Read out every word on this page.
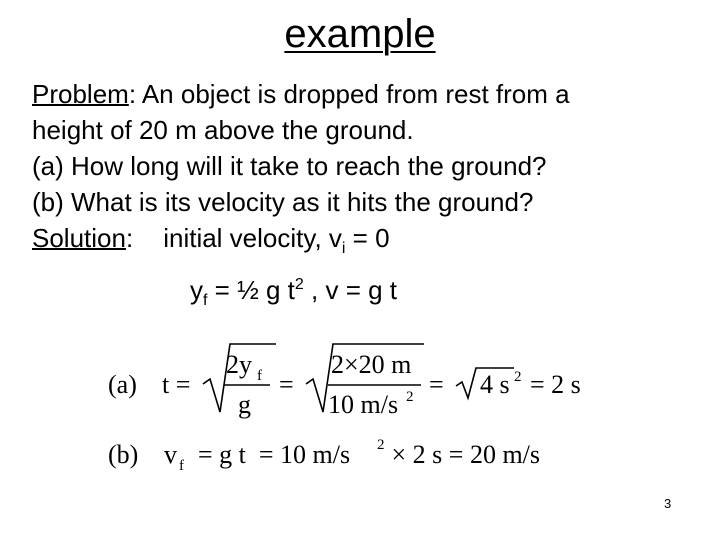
example
Problem: An object is dropped from rest from a
height of 20 m above the ground.
(a) How long will it take to reach the ground?
(b) What is its velocity as it hits the ground?
Solution: initial velocity, $v_i = 0$
$y_f$ = ½ g $t^2$ , v = g t
(a) t =
2y f
g
=
2×20 m
10 m/s 2 = 4 s 2 = 2 s
(b) v f = g t  = 10 m/s 2 × 2 s = 20 m/s
3
